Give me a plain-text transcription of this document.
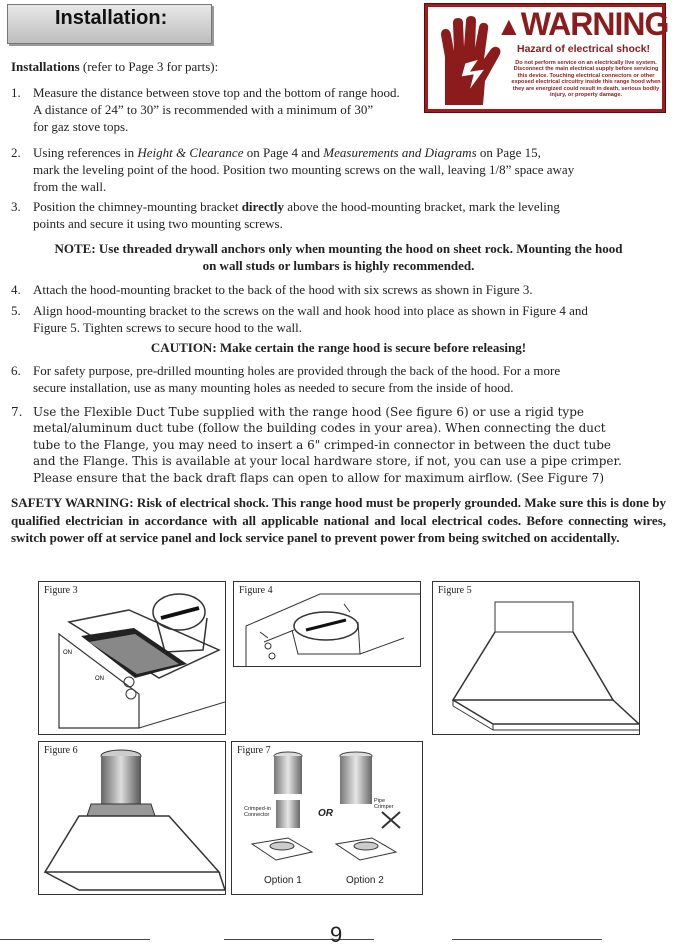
Installation:	▲WARNING
Hazard of electrical shock!
Do not perform service on an electrically live system. Disconnect the main electrical supply before servicing this device. Touching electrical connectors or other exposed electrical circuitry inside this range hood when they are energized could result in death, serious bodily injury, or property damage.
Installations (refer to Page 3 for parts):
1. Measure the distance between stove top and the bottom of range hood.
A distance of 24” to 30” is recommended with a minimum of 30”
for gaz stove tops.
2. Using references in Height & Clearance on Page 4 and Measurements and Diagrams on Page 15,
mark the leveling point of the hood. Position two mounting screws on the wall, leaving 1/8” space away
from the wall.
3. Position the chimney-mounting bracket directly above the hood-mounting bracket, mark the leveling
points and secure it using two mounting screws.
NOTE: Use threaded drywall anchors only when mounting the hood on sheet rock. Mounting the hood
on wall studs or lumbars is highly recommended.
4. Attach the hood-mounting bracket to the back of the hood with six screws as shown in Figure 3.
5. Align hood-mounting bracket to the screws on the wall and hook hood into place as shown in Figure 4 and
Figure 5. Tighten screws to secure hood to the wall.
CAUTION: Make certain the range hood is secure before releasing!
6. For safety purpose, pre-drilled mounting holes are provided through the back of the hood. For a more
secure installation, use as many mounting holes as needed to secure from the inside of hood.
7. Use the Flexible Duct Tube supplied with the range hood (See figure 6) or use a rigid type
metal/aluminum duct tube (follow the building codes in your area). When connecting the duct
tube to the Flange, you may need to insert a 6" crimped-in connector in between the duct tube
and the Flange. This is available at your local hardware store, if not, you can use a pipe crimper.
Please ensure that the back draft flaps can open to allow for maximum airflow. (See Figure 7)
SAFETY WARNING: Risk of electrical shock. This range hood must be properly grounded. Make sure this is done by qualified electrician in accordance with all applicable national and local electrical codes. Before connecting wires, switch power off at service panel and lock service panel to prevent power from being switched on accidentally.
Figure 3
ON
ON
Figure 4	Figure 5
Figure 6	Figure 7
Crimped-in Connector
Pipe Crimper
OR
Option 1	Option 2
9
